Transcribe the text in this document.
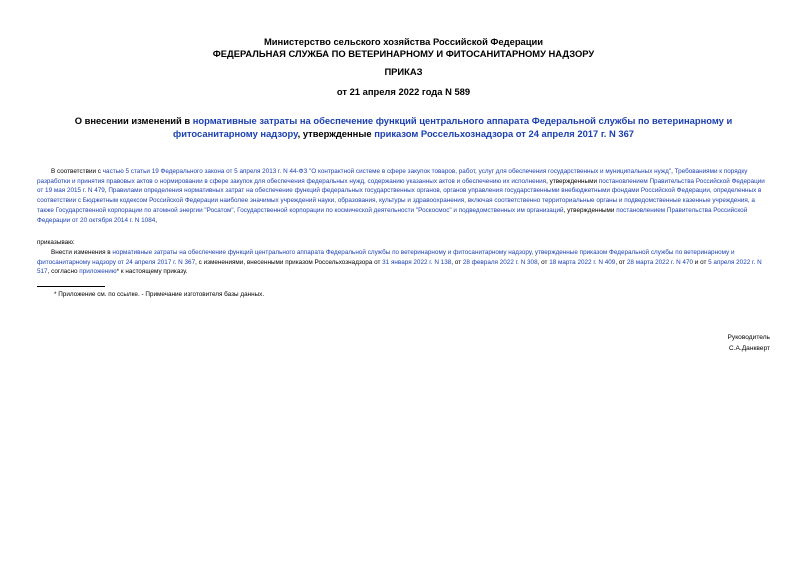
Министерство сельского хозяйства Российской Федерации
ФЕДЕРАЛЬНАЯ СЛУЖБА ПО ВЕТЕРИНАРНОМУ И ФИТОСАНИТАРНОМУ НАДЗОРУ
ПРИКАЗ
от 21 апреля 2022 года N 589
О внесении изменений в нормативные затраты на обеспечение функций центрального аппарата Федеральной службы по ветеринарному и фитосанитарному надзору, утвержденные приказом Россельхознадзора от 24 апреля 2017 г. N 367
В соответствии с частью 5 статьи 19 Федерального закона от 5 апреля 2013 г. N 44-ФЗ "О контрактной системе в сфере закупок товаров, работ, услуг для обеспечения государственных и муниципальных нужд", Требованиями к порядку разработки и принятия правовых актов о нормировании в сфере закупок для обеспечения федеральных нужд, содержанию указанных актов и обеспечению их исполнения, утвержденными постановлением Правительства Российской Федерации от 19 мая 2015 г. N 479, Правилами определения нормативных затрат на обеспечение функций федеральных государственных органов, органов управления государственными внебюджетными фондами Российской Федерации, определенных в соответствии с Бюджетным кодексом Российской Федерации наиболее значимых учреждений науки, образования, культуры и здравоохранения, включая соответственно территориальные органы и подведомственные казенные учреждения, а также Государственной корпорации по атомной энергии "Росатом", Государственной корпорации по космической деятельности "Роскосмос" и подведомственных им организаций, утвержденными постановлением Правительства Российской Федерации от 20 октября 2014 г. N 1084,
приказываю:
Внести изменения в нормативные затраты на обеспечение функций центрального аппарата Федеральной службы по ветеринарному и фитосанитарному надзору, утвержденные приказом Федеральной службы по ветеринарному и фитосанитарному надзору от 24 апреля 2017 г. N 367, с изменениями, внесенными приказом Россельхознадзора от 31 января 2022 г. N 138, от 28 февраля 2022 г. N 308, от 18 марта 2022 г. N 409, от 28 марта 2022 г. N 470 и от 5 апреля 2022 г. N 517, согласно приложению* к настоящему приказу.
* Приложение см. по ссылке. - Примечание изготовителя базы данных.
Руководитель
С.А.Данкверт
